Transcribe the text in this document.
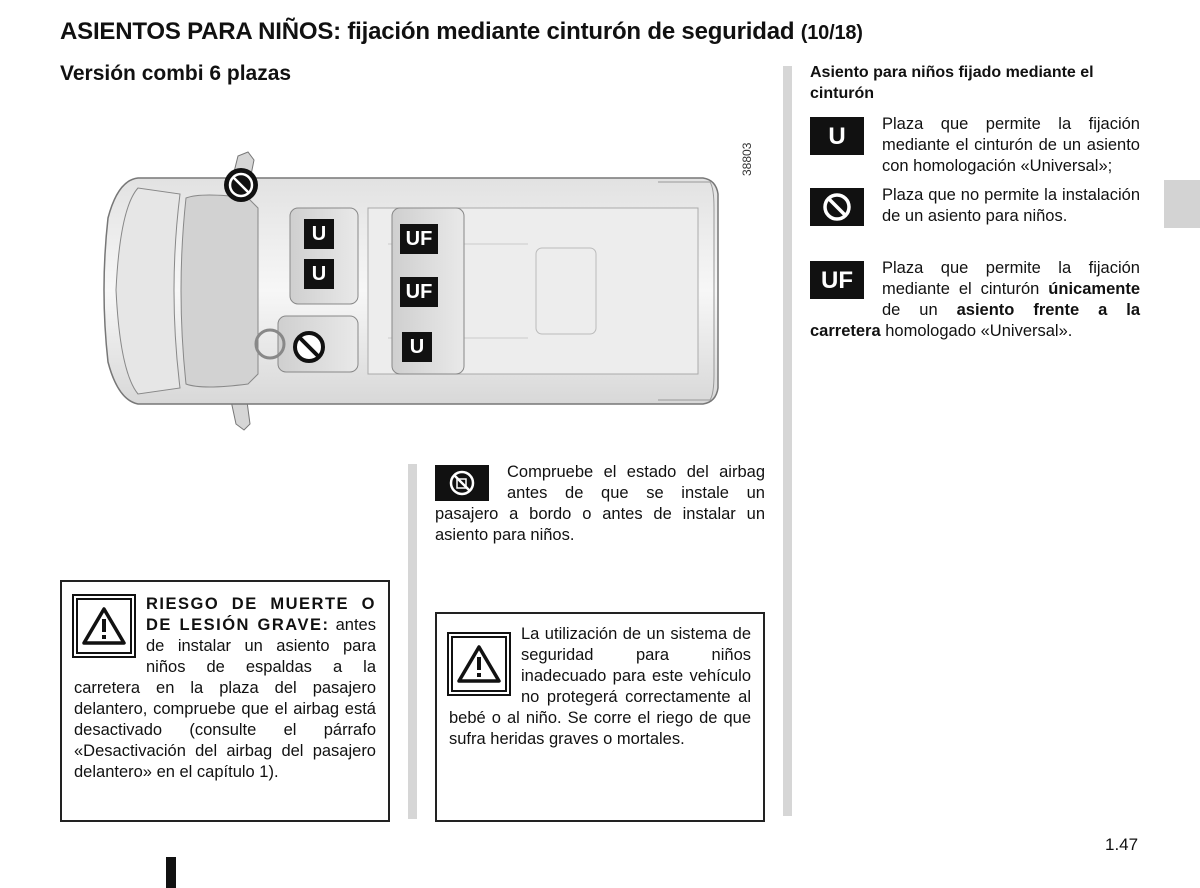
ASIENTOS PARA NIÑOS: fijación mediante cinturón de seguridad (10/18)
Versión combi 6 plazas
38803
U
U
UF
UF
U
Asiento para niños fijado mediante el cinturón
U	Plaza que permite la fijación mediante el cinturón de un asiento con homologación «Universal»;
Plaza que no permite la instalación de un asiento para niños.
UF	Plaza que permite la fijación mediante el cinturón únicamente de un asiento frente a la carretera homologado «Universal».
Compruebe el estado del airbag antes de que se instale un pasajero a bordo o antes de instalar un asiento para niños.
RIESGO DE MUERTE O DE LESIÓN GRAVE: antes de instalar un asiento para niños de espaldas a la carretera en la plaza del pasajero delantero, compruebe que el airbag está desactivado (consulte el párrafo «Desactivación del airbag del pasajero delantero» en el capítulo 1).
La utilización de un sistema de seguridad para niños inadecuado para este vehículo no protegerá correctamente al bebé o al niño. Se corre el riego de que sufra heridas graves o mortales.
1.47
